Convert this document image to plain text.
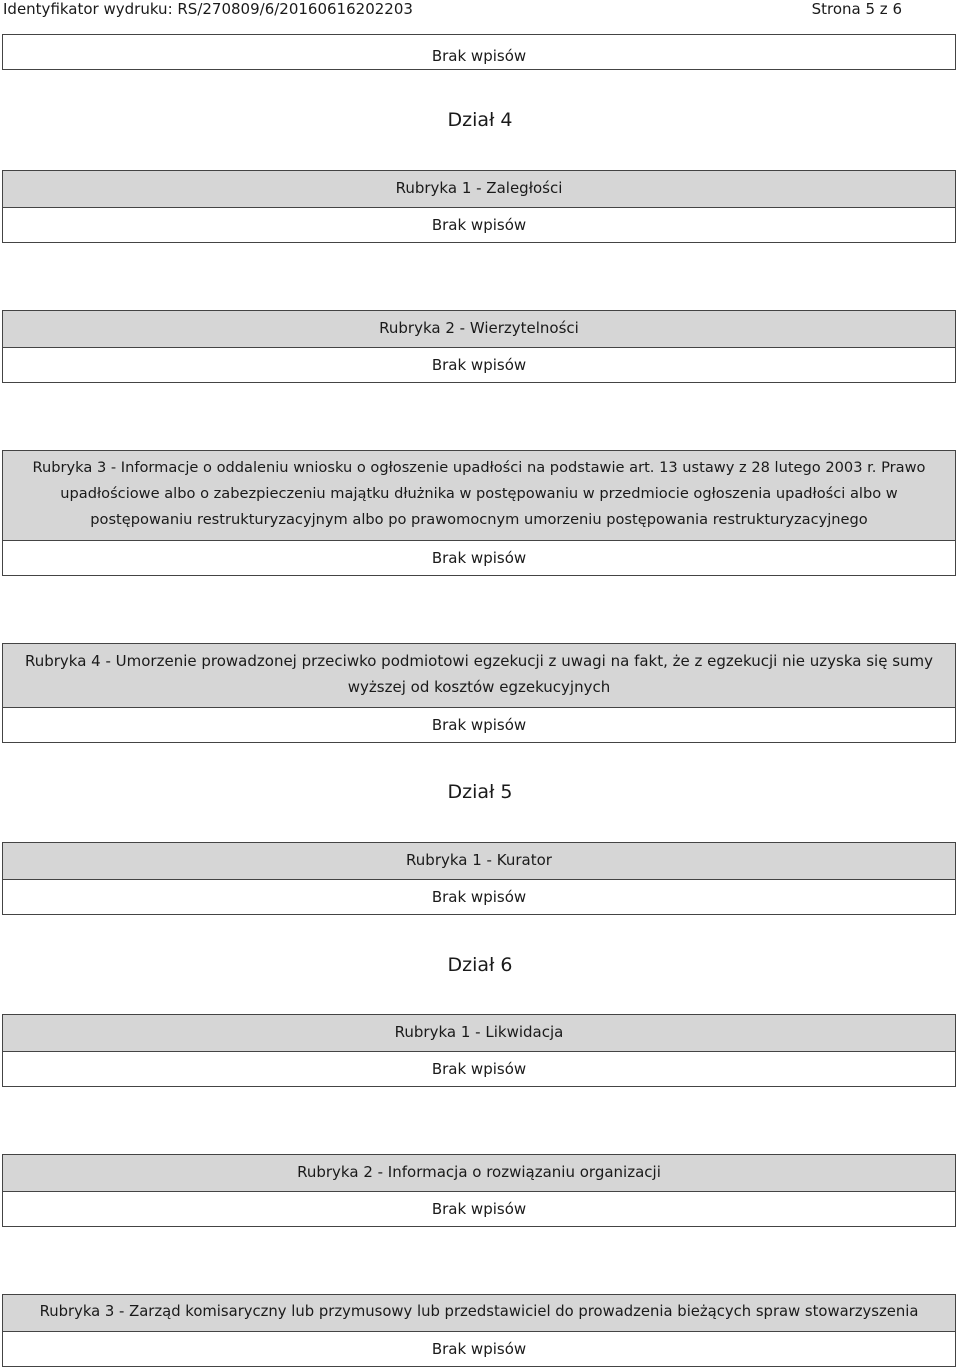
Identyfikator wydruku: RS/270809/6/20160616202203	Strona 5 z 6
Brak wpisów
Dział 4
Rubryka 1 - Zaległości
Brak wpisów
Rubryka 2 - Wierzytelności
Brak wpisów
Rubryka 3 - Informacje o oddaleniu wniosku o ogłoszenie upadłości na podstawie art. 13 ustawy z 28 lutego 2003 r. Prawo upadłościowe albo o zabezpieczeniu majątku dłużnika w postępowaniu w przedmiocie ogłoszenia upadłości albo w postępowaniu restrukturyzacyjnym albo po prawomocnym umorzeniu postępowania restrukturyzacyjnego
Brak wpisów
Rubryka 4 - Umorzenie prowadzonej przeciwko podmiotowi egzekucji z uwagi na fakt, że z egzekucji nie uzyska się sumy wyższej od kosztów egzekucyjnych
Brak wpisów
Dział 5
Rubryka 1 - Kurator
Brak wpisów
Dział 6
Rubryka 1 - Likwidacja
Brak wpisów
Rubryka 2 - Informacja o rozwiązaniu organizacji
Brak wpisów
Rubryka 3 - Zarząd komisaryczny lub przymusowy lub przedstawiciel do prowadzenia bieżących spraw stowarzyszenia
Brak wpisów
